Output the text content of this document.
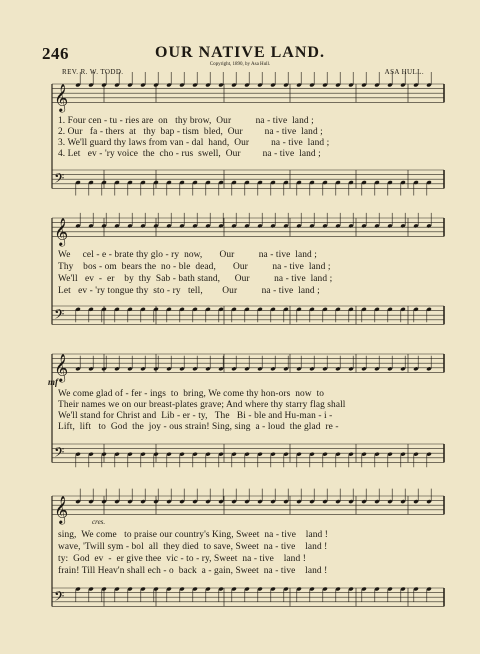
246	OUR NATIVE LAND.
Copyright, 1890, by Asa Hull.
REV. R. W. TODD.	ASA HULL.
𝄞
𝄢
𝄞
𝄢
𝄞
𝄢
𝄞
𝄢
1. Four cen - tu - ries are  on   thy brow,  Our          na - tive  land ;
2. Our   fa - thers  at   thy  bap - tism  bled,  Our         na - tive  land ;
3. We'll guard thy laws from van - dal  hand,  Our         na - tive  land ;
4. Let   ev - 'ry voice  the  cho - rus  swell,  Our         na - tive  land ;
We     cel - e - brate thy glo - ry  now,       Our          na - tive  land ;
Thy    bos - om  bears the  no - ble  dead,       Our          na - tive  land ;
We'll   ev  -  er    by  thy  Sab - bath stand,      Our          na - tive  land ;
Let   ev - 'ry tongue thy  sto - ry   tell,        Our          na - tive  land ;
mf
We come glad of - fer - ings  to  bring, We come thy hon-ors  now  to
Their names we on our breast-plates grave; And where thy starry flag shall
We'll stand for Christ and  Lib - er - ty,   The   Bi - ble and Hu-man - i -
Lift,  lift   to  God  the  joy - ous strain! Sing, sing  a - loud  the glad  re -
cres.
sing,  We come   to praise our country's King, Sweet  na - tive    land !
wave, 'Twill sym - bol  all  they died  to save, Sweet  na - tive    land !
ty:  God  ev  -  er give thee  vic - to - ry, Sweet  na - tive    land !
frain! Till Heav'n shall ech - o  back  a - gain, Sweet  na - tive    land !
